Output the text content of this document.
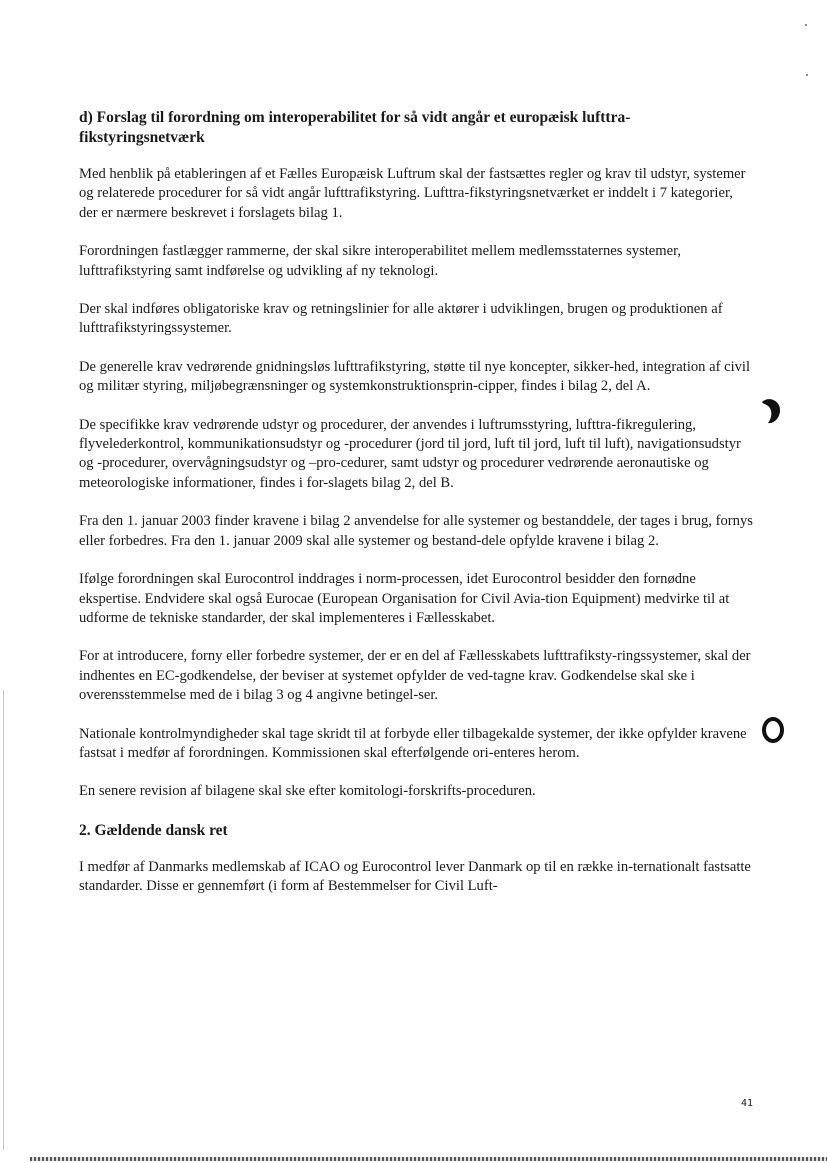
d) Forslag til forordning om interoperabilitet for så vidt angår et europæisk lufttra-fikstyringsnetværk

Med henblik på etableringen af et Fælles Europæisk Luftrum skal der fastsættes regler og krav til udstyr, systemer og relaterede procedurer for så vidt angår lufttrafikstyring. Lufttra-fikstyringsnetværket er inddelt i 7 kategorier, der er nærmere beskrevet i forslagets bilag 1.

Forordningen fastlægger rammerne, der skal sikre interoperabilitet mellem medlemsstaternes systemer, lufttrafikstyring samt indførelse og udvikling af ny teknologi.

Der skal indføres obligatoriske krav og retningslinier for alle aktører i udviklingen, brugen og produktionen af lufttrafikstyringssystemer.

De generelle krav vedrørende gnidningsløs lufttrafikstyring, støtte til nye koncepter, sikker-hed, integration af civil og militær styring, miljøbegrænsninger og systemkonstruktionsprin-cipper, findes i bilag 2, del A.

De specifikke krav vedrørende udstyr og procedurer, der anvendes i luftrumsstyring, lufttra-fikregulering, flyvelederkontrol, kommunikationsudstyr og -procedurer (jord til jord, luft til jord, luft til luft), navigationsudstyr og -procedurer, overvågningsudstyr og –pro-cedurer, samt udstyr og procedurer vedrørende aeronautiske og meteorologiske informationer, findes i for-slagets bilag 2, del B.

Fra den 1. januar 2003 finder kravene i bilag 2 anvendelse for alle systemer og bestanddele, der tages i brug, fornys eller forbedres. Fra den 1. januar 2009 skal alle systemer og bestand-dele opfylde kravene i bilag 2.

Ifølge forordningen skal Eurocontrol inddrages i norm-processen, idet Eurocontrol besidder den fornødne ekspertise. Endvidere skal også Eurocae (European Organisation for Civil Avia-tion Equipment) medvirke til at udforme de tekniske standarder, der skal implementeres i Fællesskabet.

For at introducere, forny eller forbedre systemer, der er en del af Fællesskabets lufttrafiksty-ringssystemer, skal der indhentes en EC-godkendelse, der beviser at systemet opfylder de ved-tagne krav. Godkendelse skal ske i overensstemmelse med de i bilag 3 og 4 angivne betingel-ser.

Nationale kontrolmyndigheder skal tage skridt til at forbyde eller tilbagekalde systemer, der ikke opfylder kravene fastsat i medfør af forordningen. Kommissionen skal efterfølgende ori-enteres herom.

En senere revision af bilagene skal ske efter komitologi-forskrifts-proceduren.

2. Gældende dansk ret

I medfør af Danmarks medlemskab af ICAO og Eurocontrol lever Danmark op til en række in-ternationalt fastsatte standarder. Disse er gennemført (i form af Bestemmelser for Civil Luft-

41
